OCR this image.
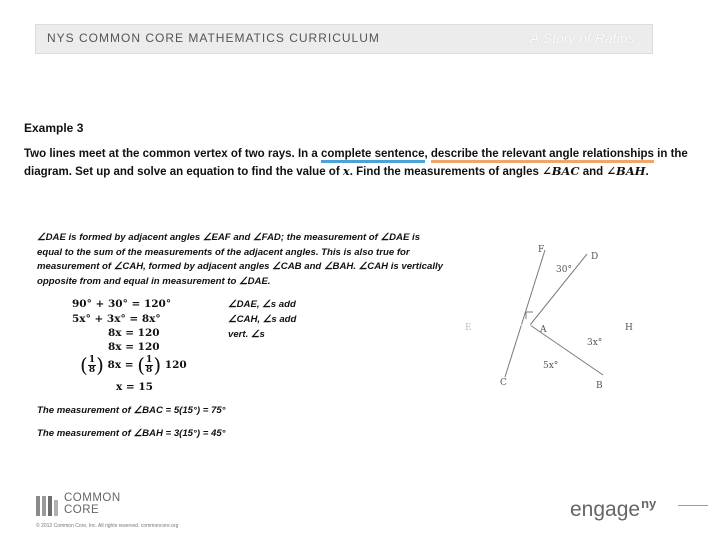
NYS COMMON CORE MATHEMATICS CURRICULUM	A Story of Ratios
Example 3
Two lines meet at the common vertex of two rays. In a complete sentence, describe the relevant angle relationships in the diagram. Set up and solve an equation to find the value of x. Find the measurements of angles ∠BAC and ∠BAH.
∠DAE is formed by adjacent angles ∠EAF and ∠FAD; the measurement of ∠DAE is equal to the sum of the measurements of the adjacent angles. This is also true for measurement of ∠CAH, formed by adjacent angles ∠CAB and ∠BAH. ∠CAH is vertically opposite from and equal in measurement to ∠DAE.
90° + 30° = 120°
5x° + 3x° = 8x°
8x = 120
8x = 120
( $\frac{1}{8}$ ) 8x = ( $\frac{1}{8}$ ) 120
x = 15
∠DAE, ∠s add
∠CAH, ∠s add
vert. ∠s
The measurement of ∠BAC = 5(15°) = 75°
The measurement of ∠BAH = 3(15°) = 45°
F
D
30°
E	A	H
3x°
5x°
C	B
COMMON
CORE
© 2012 Common Core, Inc. All rights reserved. commoncore.org
engage$^{ny}$
